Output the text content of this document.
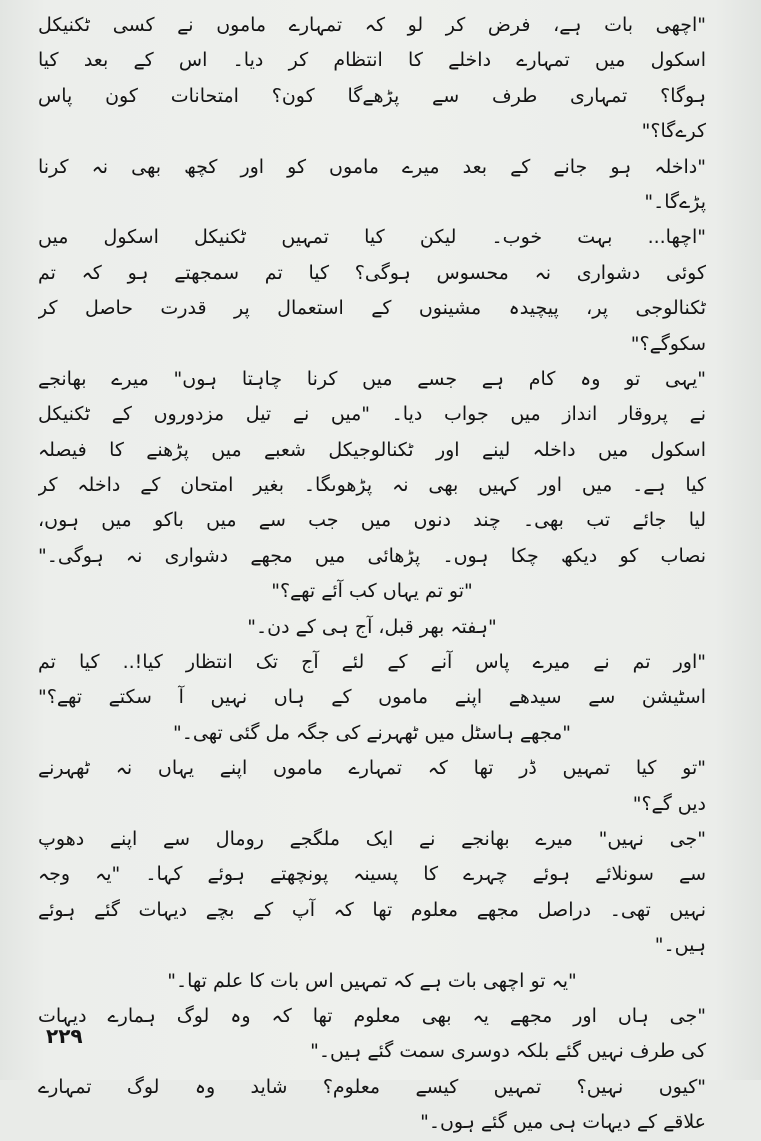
"اچھی بات ہے، فرض کر لو کہ تمہارے ماموں نے کسی ٹکنیکل
اسکول میں تمہارے داخلے کا انتظام کر دیا۔ اس کے بعد کیا
ہوگا؟ تمہاری طرف سے پڑھےگا کون؟ امتحانات کون پاس
کرےگا؟"
"داخلہ ہو جانے کے بعد میرے ماموں کو اور کچھ بھی نہ کرنا
پڑےگا۔"
"اچھا... بہت خوب۔ لیکن کیا تمہیں ٹکنیکل اسکول میں
کوئی دشواری نہ محسوس ہوگی؟ کیا تم سمجھتے ہو کہ تم
ٹکنالوجی پر، پیچیدہ مشینوں کے استعمال پر قدرت حاصل کر
سکوگے؟"
"یہی تو وہ کام ہے جسے میں کرنا چاہتا ہوں" میرے بھانجے
نے پروقار انداز میں جواب دیا۔ "میں نے تیل مزدوروں کے ٹکنیکل
اسکول میں داخلہ لینے اور ٹکنالوجیکل شعبے میں پڑھنے کا فیصلہ
کیا ہے۔ میں اور کہیں بھی نہ پڑھوںگا۔ بغیر امتحان کے داخلہ کر
لیا جائے تب بھی۔ چند دنوں میں جب سے میں باکو میں ہوں،
نصاب کو دیکھ چکا ہوں۔ پڑھائی میں مجھے دشواری نہ ہوگی۔"
"تو تم یہاں کب آئے تھے؟"
"ہفتہ بھر قبل، آج ہی کے دن۔"
"اور تم نے میرے پاس آنے کے لئے آج تک انتظار کیا!.. کیا تم
اسٹیشن سے سیدھے اپنے ماموں کے ہاں نہیں آ سکتے تھے؟"
"مجھے ہاسٹل میں ٹھہرنے کی جگہ مل گئی تھی۔"
"تو کیا تمہیں ڈر تھا کہ تمہارے ماموں اپنے یہاں نہ ٹھہرنے
دیں گے؟"
"جی نہیں" میرے بھانجے نے ایک ملگجے رومال سے اپنے دھوپ
سے سونلائے ہوئے چہرے کا پسینہ پونچھتے ہوئے کہا۔ "یہ وجہ
نہیں تھی۔ دراصل مجھے معلوم تھا کہ آپ کے بچے دیہات گئے ہوئے
ہیں۔"
"یہ تو اچھی بات ہے کہ تمہیں اس بات کا علم تھا۔"
"جی ہاں اور مجھے یہ بھی معلوم تھا کہ وہ لوگ ہمارے دیہات
کی طرف نہیں گئے بلکہ دوسری سمت گئے ہیں۔"
"کیوں نہیں؟ تمہیں کیسے معلوم؟ شاید وہ لوگ تمہارے
علاقے کے دیہات ہی میں گئے ہوں۔"
۲۲۹
